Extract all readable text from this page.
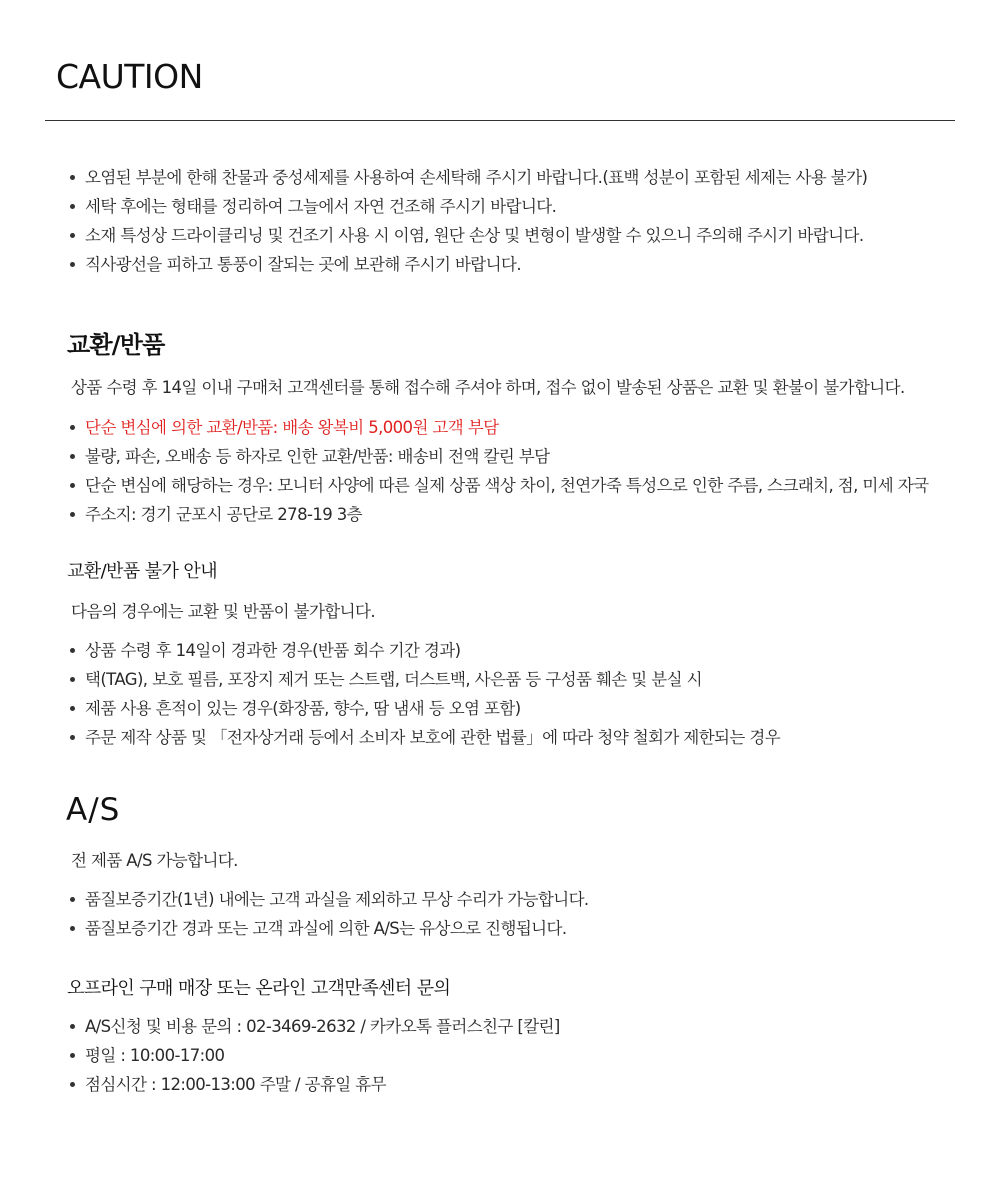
CAUTION
오염된 부분에 한해 찬물과 중성세제를 사용하여 손세탁해 주시기 바랍니다.(표백 성분이 포함된 세제는 사용 불가)
세탁 후에는 형태를 정리하여 그늘에서 자연 건조해 주시기 바랍니다.
소재 특성상 드라이클리닝 및 건조기 사용 시 이염, 원단 손상 및 변형이 발생할 수 있으니 주의해 주시기 바랍니다.
직사광선을 피하고 통풍이 잘되는 곳에 보관해 주시기 바랍니다.
교환/반품
상품 수령 후 14일 이내 구매처 고객센터를 통해 접수해 주셔야 하며, 접수 없이 발송된 상품은 교환 및 환불이 불가합니다.
단순 변심에 의한 교환/반품: 배송 왕복비 5,000원 고객 부담
불량, 파손, 오배송 등 하자로 인한 교환/반품: 배송비 전액 칼린 부담
단순 변심에 해당하는 경우: 모니터 사양에 따른 실제 상품 색상 차이, 천연가죽 특성으로 인한 주름, 스크래치, 점, 미세 자국
주소지: 경기 군포시 공단로 278-19 3층
교환/반품 불가 안내
다음의 경우에는 교환 및 반품이 불가합니다.
상품 수령 후 14일이 경과한 경우(반품 회수 기간 경과)
택(TAG), 보호 필름, 포장지 제거 또는 스트랩, 더스트백, 사은품 등 구성품 훼손 및 분실 시
제품 사용 흔적이 있는 경우(화장품, 향수, 땀 냄새 등 오염 포함)
주문 제작 상품 및 「전자상거래 등에서 소비자 보호에 관한 법률」에 따라 청약 철회가 제한되는 경우
A/S
전 제품 A/S 가능합니다.
품질보증기간(1년) 내에는 고객 과실을 제외하고 무상 수리가 가능합니다.
품질보증기간 경과 또는 고객 과실에 의한 A/S는 유상으로 진행됩니다.
오프라인 구매 매장 또는 온라인 고객만족센터 문의
A/S신청 및 비용 문의 : 02-3469-2632 / 카카오톡 플러스친구 [칼린]
평일 : 10:00-17:00
점심시간 : 12:00-13:00 주말 / 공휴일 휴무
